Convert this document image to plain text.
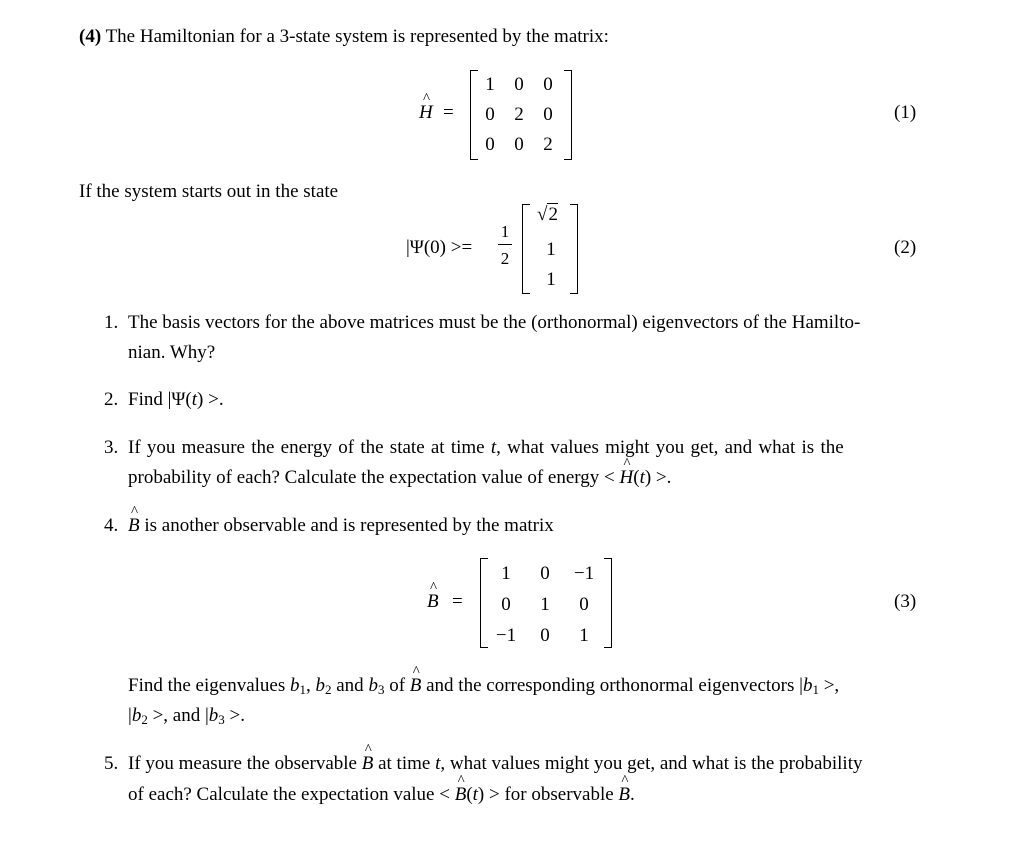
(4) The Hamiltonian for a 3-state system is represented by the matrix:
^ H =
1 0 0
0 2 0
0 0 2
(1)
If the system starts out in the state
|Ψ(0) >=
1
2
√2
1
1
(2)
1. The basis vectors for the above matrices must be the (orthonormal) eigenvectors of the Hamilto-
nian. Why?
2. Find |Ψ(t) >.
3. If you measure the energy of the state at time t, what values might you get, and what is the
probability of each? Calculate the expectation value of energy < ^ H(t) >.
4. ^ B is another observable and is represented by the matrix
^ B =
1	0	−1
0	1	0
−1	0	1
(3)
Find the eigenvalues $b_1$, $b_2$ and $b_3$ of ^ B and the corresponding orthonormal eigenvectors $|b_1$ >,
$|b_2$ >, and $|b_3$ >.
5. If you measure the observable ^ B at time t, what values might you get, and what is the probability
of each? Calculate the expectation value < ^ B(t) > for observable ^ B.
